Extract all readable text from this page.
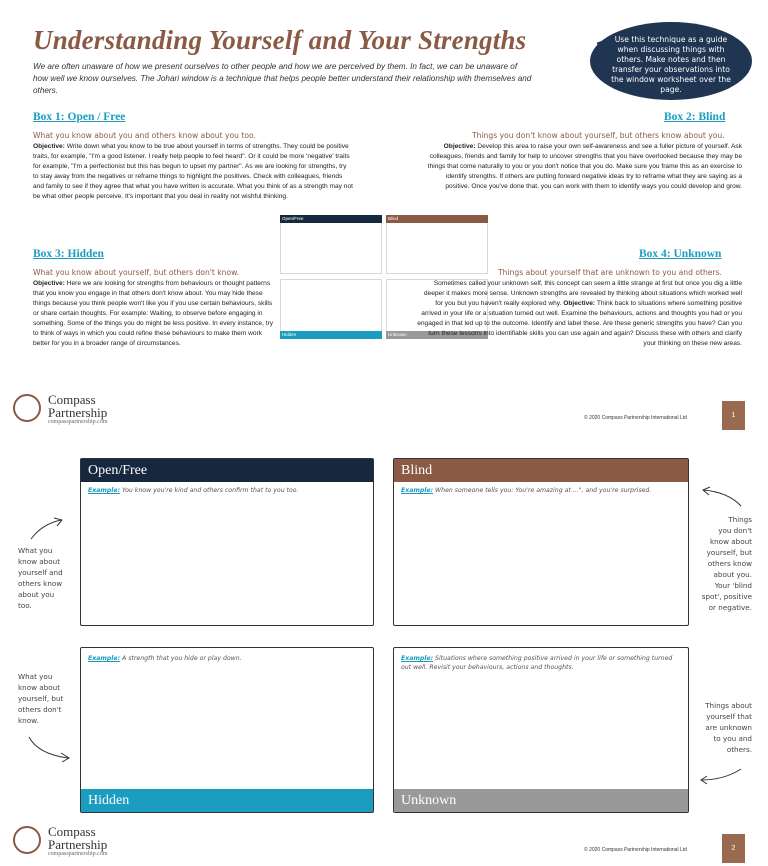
Understanding Yourself and Your Strengths
We are often unaware of how we present ourselves to other people and how we are perceived by them. In fact, we can be unaware of how well we know ourselves. The Johari window is a technique that helps people better understand their relationship with themselves and others.
Use this technique as a guide when discussing things with others. Make notes and then transfer your observations into the window worksheet over the page.
Box 1: Open / Free
What you know about you and others know about you too.
Objective: Write down what you know to be true about yourself in terms of strengths. They could be positive traits, for example, "I'm a good listener. I really help people to feel heard". Or it could be more 'negative' traits for example, "I'm a perfectionist but this has begun to upset my partner". As we are looking for strengths, try to stay away from the negatives or reframe things to highlight the positives. Check with colleagues, friends and family to see if they agree that what you have written is accurate. What you think of as a strength may not be what other people perceive. It's important that you deal in reality not wishful thinking.
Box 2: Blind
Things you don't know about yourself, but others know about you.
Objective: Develop this area to raise your own self-awareness and see a fuller picture of yourself. Ask colleagues, friends and family for help to uncover strengths that you have overlooked because they may be things that come naturally to you or you don't notice that you do. Make sure you frame this as an exercise to identify strengths. If others are putting forward negative ideas try to reframe what they are saying as a positive. Once you've done that, you can work with them to identify ways you could develop and grow.
Open/Free	Blind
Hidden	Unknown
Box 3: Hidden
What you know about yourself, but others don't know.
Objective: Here we are looking for strengths from behaviours or thought patterns that you know you engage in that others don't know about. You may hide these things because you think people won't like you if you use certain behaviours, skills or share certain thoughts. For example: Waiting, to observe before engaging in something. Some of the things you do might be less positive. In every instance, try to think of ways in which you could refine these behaviours to make them work better for you in a broader range of circumstances.
Box 4: Unknown
Things about yourself that are unknown to you and others.
Sometimes called your unknown self, this concept can seem a little strange at first but once you dig a little deeper it makes more sense. Unknown strengths are revealed by thinking about situations which worked well for you but you haven't really explored why. Objective: Think back to situations where something positive arrived in your life or a situation turned out well. Examine the behaviours, actions and thoughts you had or you engaged in that led up to the outcome. Identify and label these. Are these generic strengths you have? Can you turn these lessons into identifiable skills you can use again and again? Discuss these with others and clarify your thinking on these new areas.
Compass
Partnership
compasspartnership.com
© 2020 Compass Partnership International Ltd	1
Open/Free
Example: You know you're kind and others confirm that to you too.
Blind
Example: When someone tells you: You're amazing at ...", and you're surprised.
Example: A strength that you hide or play down.
Hidden
Example: Situations where something positive arrived in your life or something turned out well. Revisit your behaviours, actions and thoughts.
Unknown
What you
know about
yourself and
others know
about you
too.
What you
know about
yourself, but
others don't
know.
Things
you don't
know about
yourself, but
others know
about you.
Your 'blind
spot', positive
or negative.
Things about
yourself that
are unknown
to you and
others.
Compass
Partnership
compasspartnership.com
© 2020 Compass Partnership International Ltd	2
